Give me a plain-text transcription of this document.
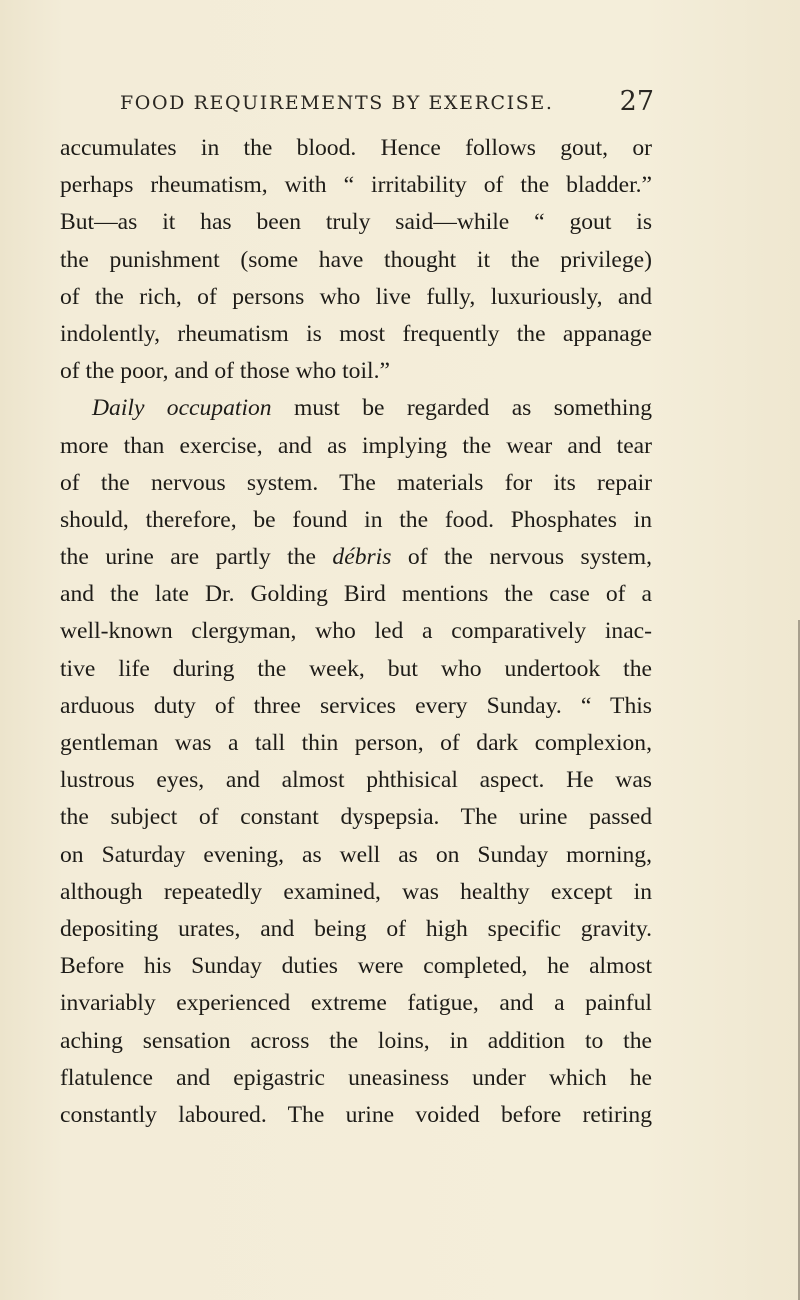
FOOD REQUIREMENTS BY EXERCISE. 27
accumulates in the blood. Hence follows gout, or
perhaps rheumatism, with “ irritability of the bladder.”
But—as it has been truly said—while “ gout is
the punishment (some have thought it the privilege)
of the rich, of persons who live fully, luxuriously, and
indolently, rheumatism is most frequently the appanage
of the poor, and of those who toil.”
Daily occupation must be regarded as something
more than exercise, and as implying the wear and tear
of the nervous system. The materials for its repair
should, therefore, be found in the food. Phosphates in
the urine are partly the débris of the nervous system,
and the late Dr. Golding Bird mentions the case of a
well-known clergyman, who led a comparatively inac-
tive life during the week, but who undertook the
arduous duty of three services every Sunday. “ This
gentleman was a tall thin person, of dark complexion,
lustrous eyes, and almost phthisical aspect. He was
the subject of constant dyspepsia. The urine passed
on Saturday evening, as well as on Sunday morning,
although repeatedly examined, was healthy except in
depositing urates, and being of high specific gravity.
Before his Sunday duties were completed, he almost
invariably experienced extreme fatigue, and a painful
aching sensation across the loins, in addition to the
flatulence and epigastric uneasiness under which he
constantly laboured. The urine voided before retiring
